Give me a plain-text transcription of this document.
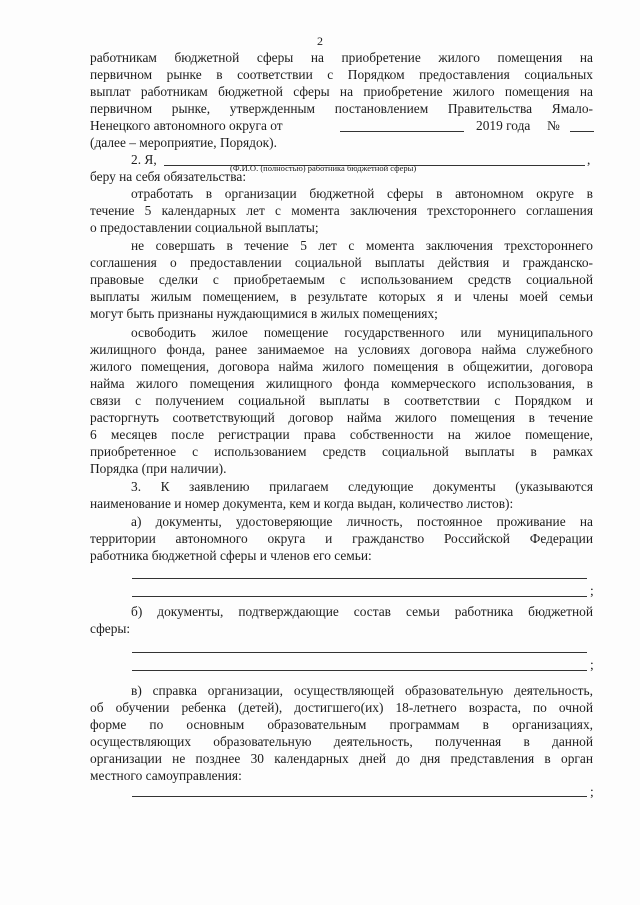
2
работникам бюджетной сферы на приобретение жилого помещения на
первичном рынке в соответствии с Порядком предоставления социальных
выплат работникам бюджетной сферы на приобретение жилого помещения на
первичном рынке, утвержденным постановлением Правительства Ямало-
Ненецкого автономного округа от	2019 года №
(далее – мероприятие, Порядок).
2. Я,	,
(Ф.И.О. (полностью) работника бюджетной сферы)
беру на себя обязательства:
отработать в организации бюджетной сферы в автономном округе в
течение 5 календарных лет с момента заключения трехстороннего соглашения
о предоставлении социальной выплаты;
не совершать в течение 5 лет с момента заключения трехстороннего
соглашения о предоставлении социальной выплаты действия и гражданско-
правовые сделки с приобретаемым с использованием средств социальной
выплаты жилым помещением, в результате которых я и члены моей семьи
могут быть признаны нуждающимися в жилых помещениях;
освободить жилое помещение государственного или муниципального
жилищного фонда, ранее занимаемое на условиях договора найма служебного
жилого помещения, договора найма жилого помещения в общежитии, договора
найма жилого помещения жилищного фонда коммерческого использования, в
связи с получением социальной выплаты в соответствии с Порядком и
расторгнуть соответствующий договор найма жилого помещения в течение
6 месяцев после регистрации права собственности на жилое помещение,
приобретенное с использованием средств социальной выплаты в рамках
Порядка (при наличии).
3. К заявлению прилагаем следующие документы (указываются
наименование и номер документа, кем и когда выдан, количество листов):
а) документы, удостоверяющие личность, постоянное проживание на
территории автономного округа и гражданство Российской Федерации
работника бюджетной сферы и членов его семьи:
;
б) документы, подтверждающие состав семьи работника бюджетной
сферы:
;
в) справка организации, осуществляющей образовательную деятельность,
об обучении ребенка (детей), достигшего(их) 18-летнего возраста, по очной
форме по основным образовательным программам в организациях,
осуществляющих образовательную деятельность, полученная в данной
организации не позднее 30 календарных дней до дня представления в орган
местного самоуправления:
;
